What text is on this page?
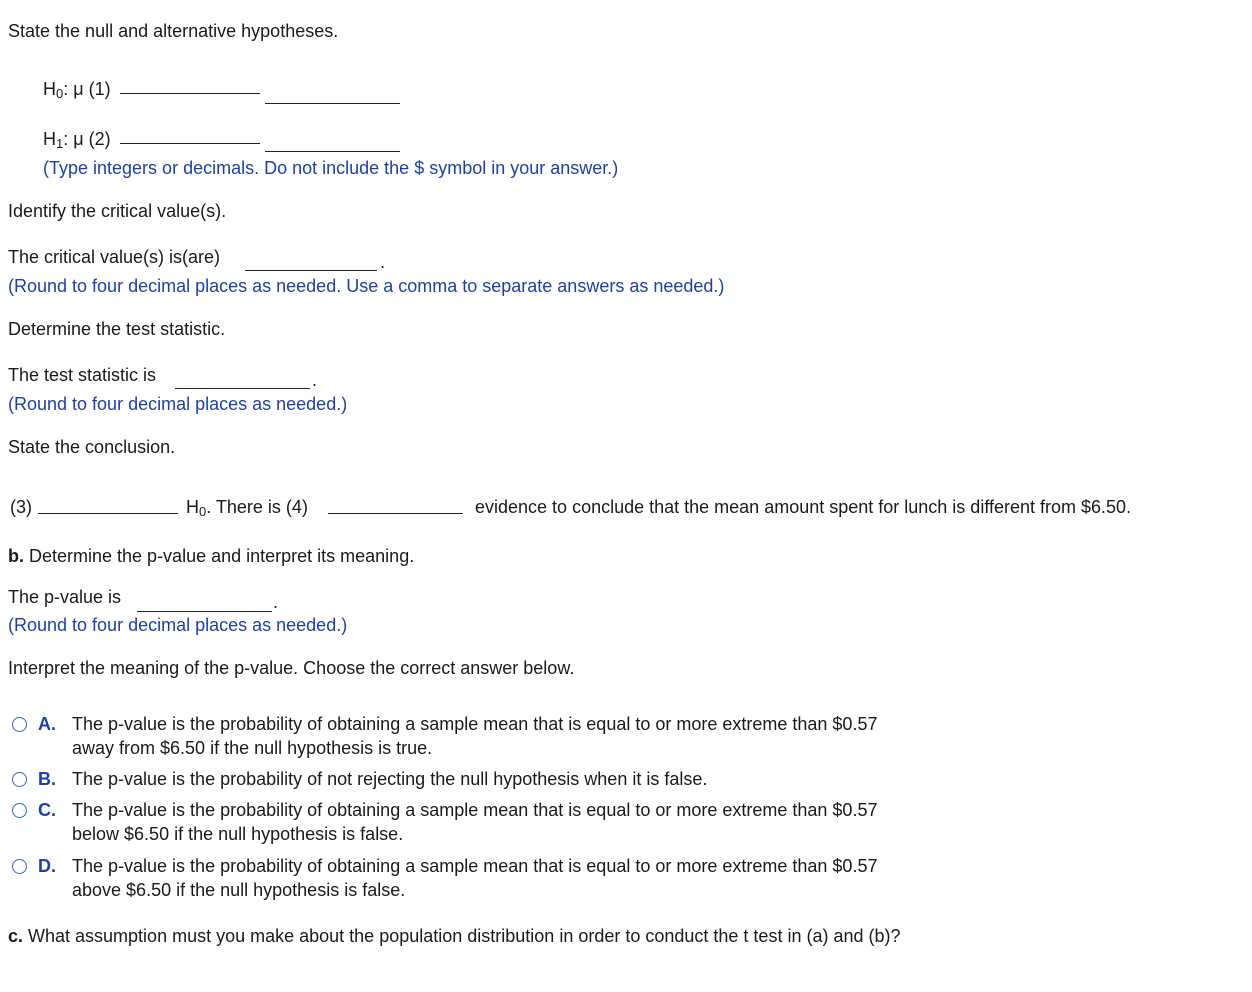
State the null and alternative hypotheses.
$H_0$: μ (1)
$H_1$: μ (2)
(Type integers or decimals. Do not include the $ symbol in your answer.)
Identify the critical value(s).
The critical value(s) is(are)	.
(Round to four decimal places as needed. Use a comma to separate answers as needed.)
Determine the test statistic.
The test statistic is	.
(Round to four decimal places as needed.)
State the conclusion.
(3)	$H_0$. There is (4)	evidence to conclude that the mean amount spent for lunch is different from $6.50.
b. Determine the p-value and interpret its meaning.
The p-value is	.
(Round to four decimal places as needed.)
Interpret the meaning of the p-value. Choose the correct answer below.
A. The p-value is the probability of obtaining a sample mean that is equal to or more extreme than $0.57
away from $6.50 if the null hypothesis is true.
B. The p-value is the probability of not rejecting the null hypothesis when it is false.
C. The p-value is the probability of obtaining a sample mean that is equal to or more extreme than $0.57
below $6.50 if the null hypothesis is false.
D. The p-value is the probability of obtaining a sample mean that is equal to or more extreme than $0.57
above $6.50 if the null hypothesis is false.
c. What assumption must you make about the population distribution in order to conduct the t test in (a) and (b)?
